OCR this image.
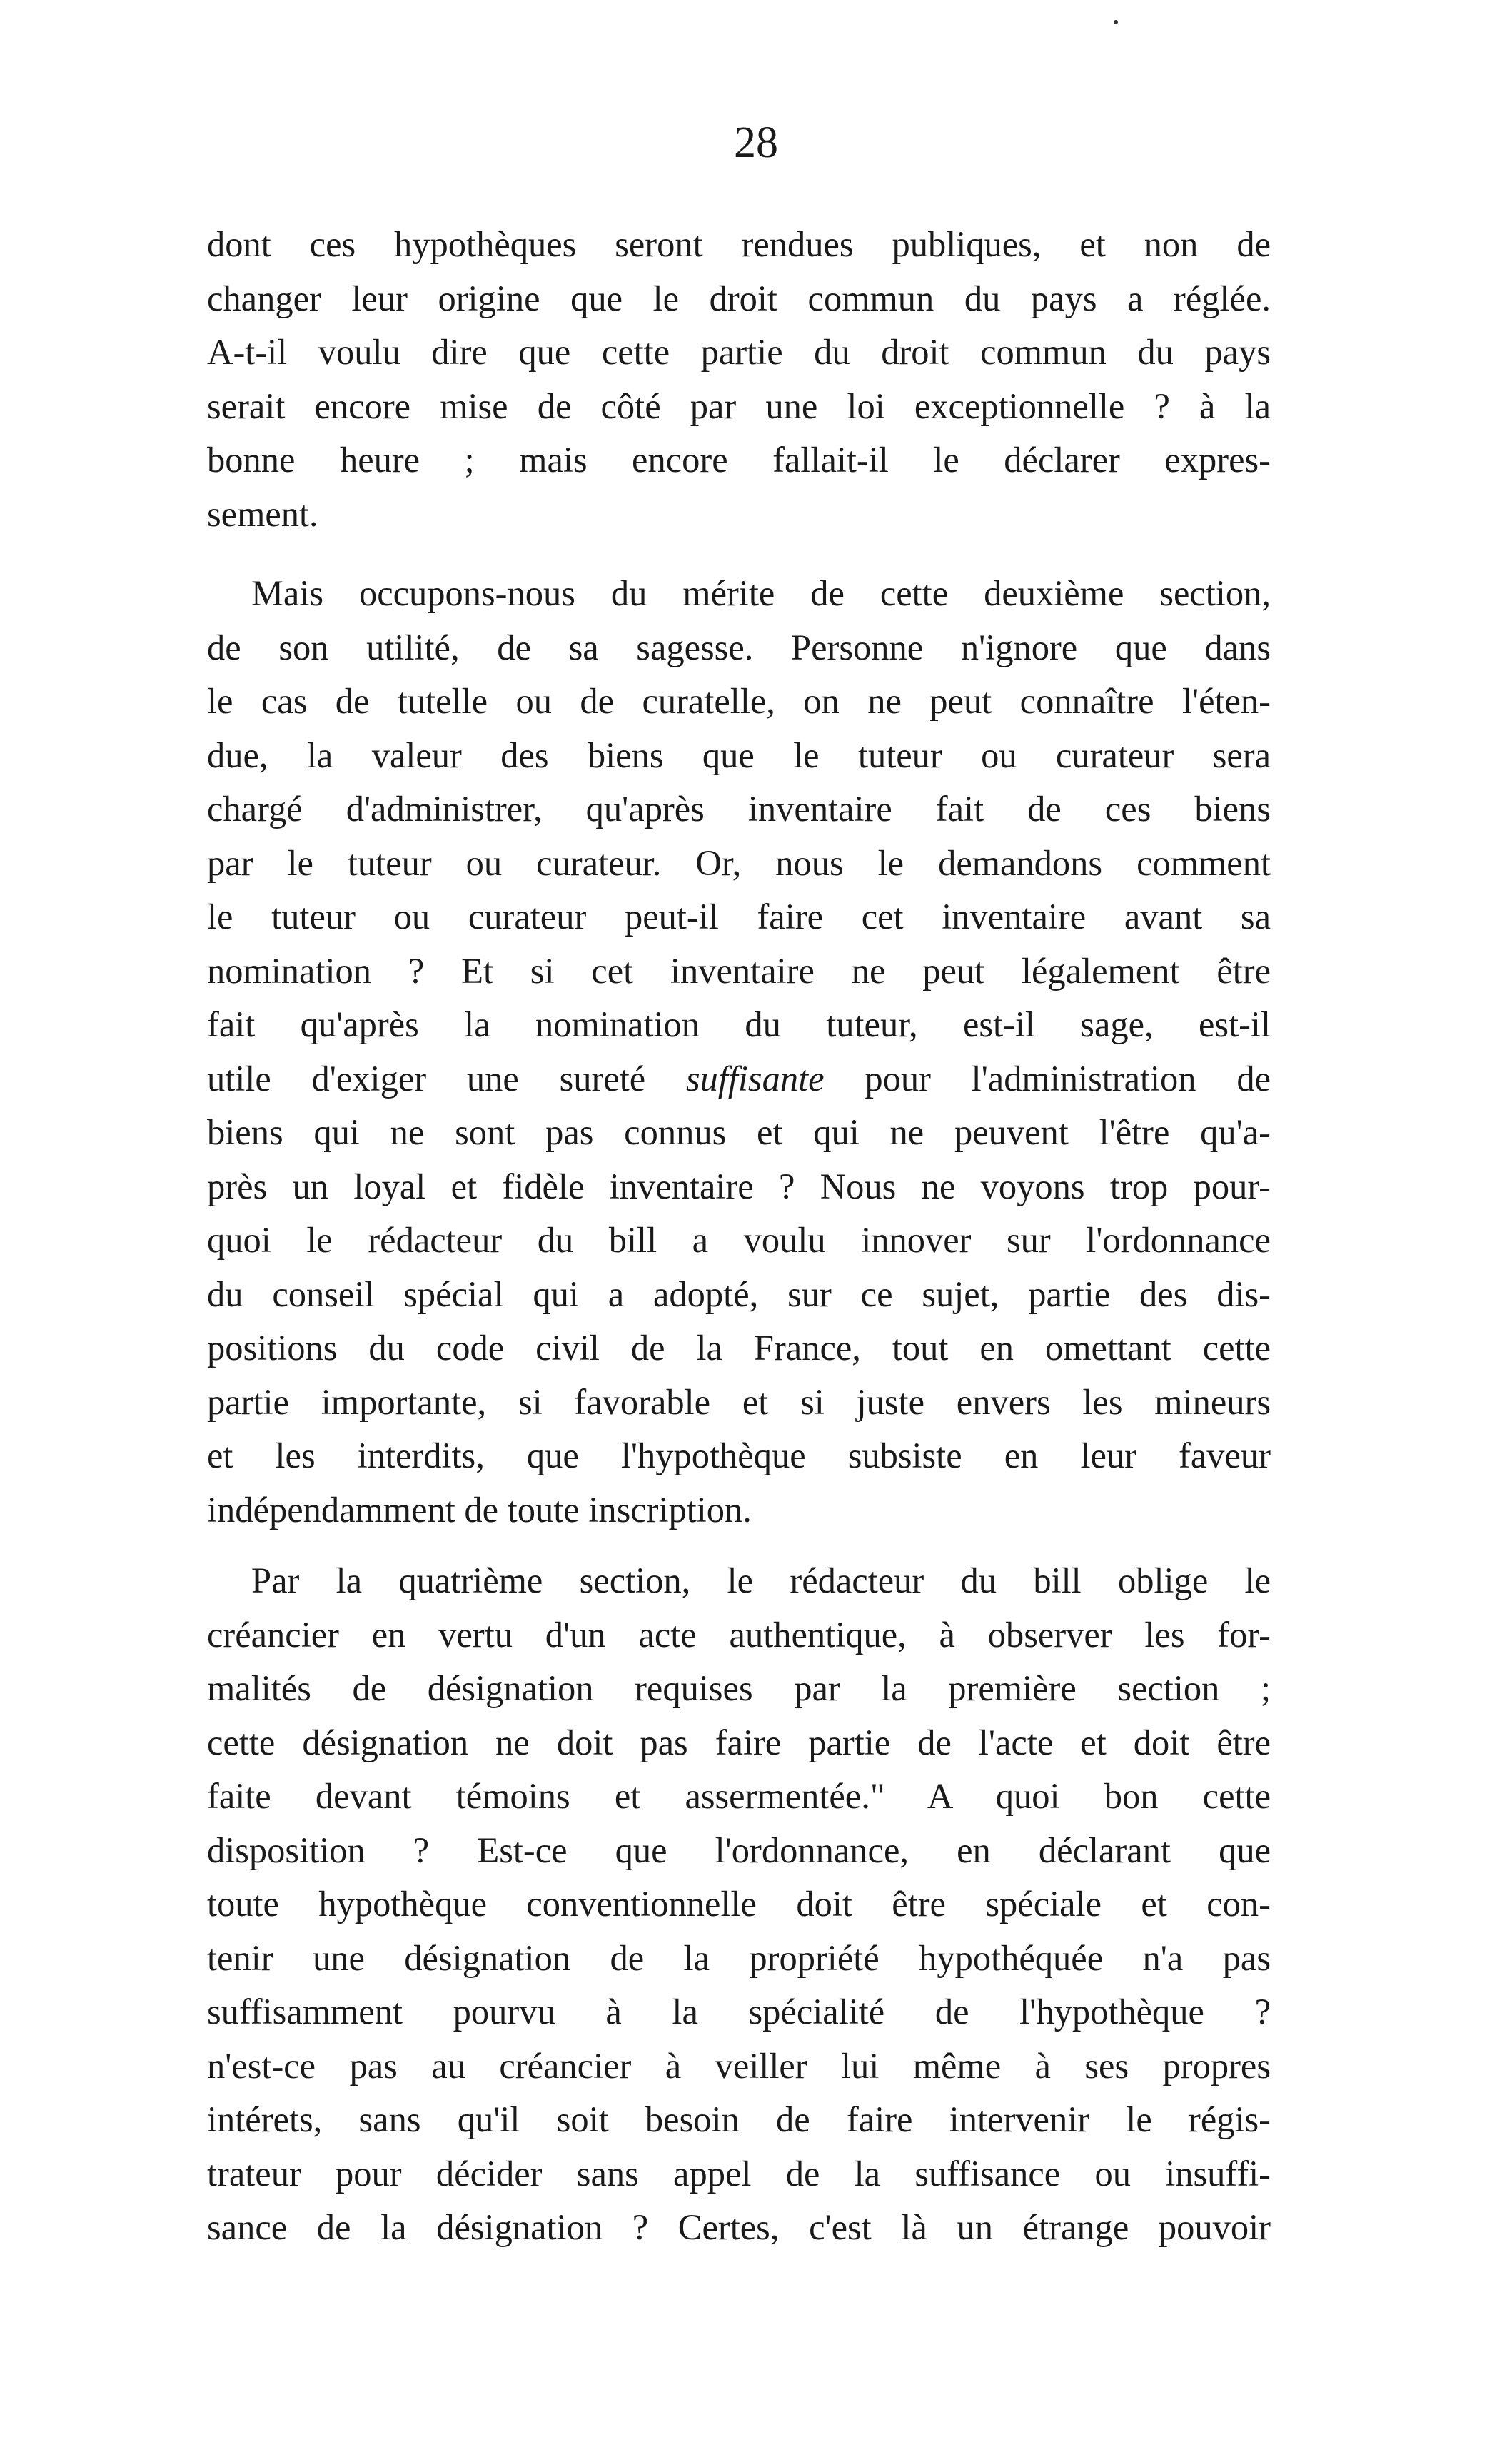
28
dont ces hypothèques seront rendues publiques, et non de
changer leur origine que le droit commun du pays a réglée.
A-t-il voulu dire que cette partie du droit commun du pays
serait encore mise de côté par une loi exceptionnelle ? à la
bonne heure ; mais encore fallait-il le déclarer expres-
sement.
Mais occupons-nous du mérite de cette deuxième section,
de son utilité, de sa sagesse. Personne n'ignore que dans
le cas de tutelle ou de curatelle, on ne peut connaître l'éten-
due, la valeur des biens que le tuteur ou curateur sera
chargé d'administrer, qu'après inventaire fait de ces biens
par le tuteur ou curateur. Or, nous le demandons comment
le tuteur ou curateur peut-il faire cet inventaire avant sa
nomination ? Et si cet inventaire ne peut légalement être
fait qu'après la nomination du tuteur, est-il sage, est-il
utile d'exiger une sureté suffisante pour l'administration de
biens qui ne sont pas connus et qui ne peuvent l'être qu'a-
près un loyal et fidèle inventaire ? Nous ne voyons trop pour-
quoi le rédacteur du bill a voulu innover sur l'ordonnance
du conseil spécial qui a adopté, sur ce sujet, partie des dis-
positions du code civil de la France, tout en omettant cette
partie importante, si favorable et si juste envers les mineurs
et les interdits, que l'hypothèque subsiste en leur faveur
indépendamment de toute inscription.
Par la quatrième section, le rédacteur du bill oblige le
créancier en vertu d'un acte authentique, à observer les for-
malités de désignation requises par la première section ;
cette désignation ne doit pas faire partie de l'acte et doit être
faite devant témoins et assermentée." A quoi bon cette
disposition ? Est-ce que l'ordonnance, en déclarant que
toute hypothèque conventionnelle doit être spéciale et con-
tenir une désignation de la propriété hypothéquée n'a pas
suffisamment pourvu à la spécialité de l'hypothèque ?
n'est-ce pas au créancier à veiller lui même à ses propres
intérets, sans qu'il soit besoin de faire intervenir le régis-
trateur pour décider sans appel de la suffisance ou insuffi-
sance de la désignation ? Certes, c'est là un étrange pouvoir
